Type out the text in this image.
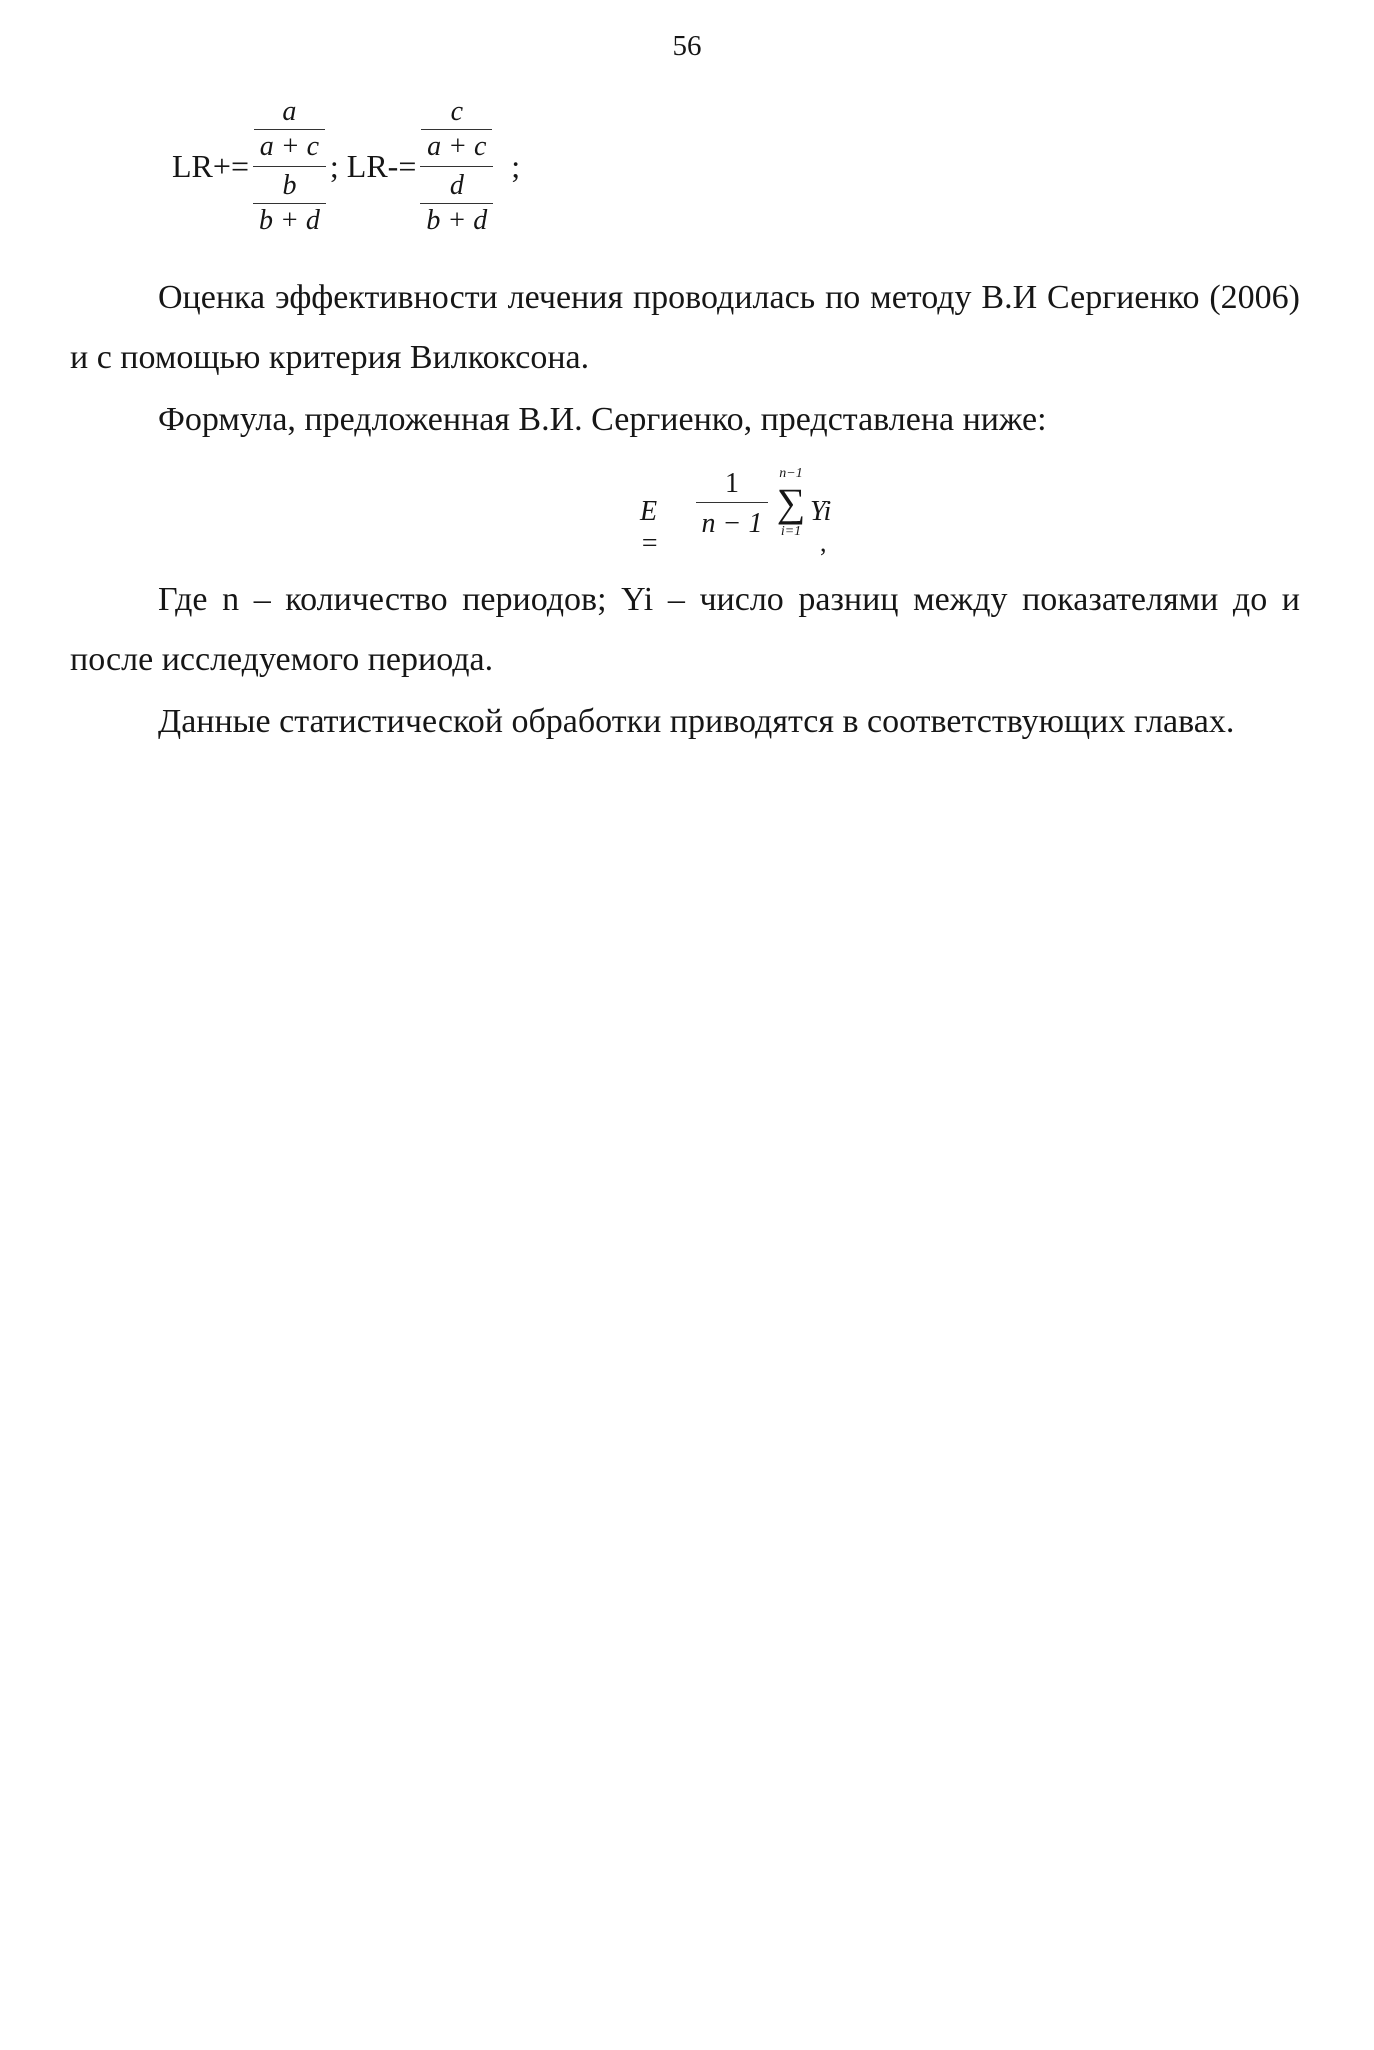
56
$LR+= \frac{\frac{a}{a + c}}{\frac{b}{b + d}}$ ; $LR-= \frac{\frac{c}{a + c}}{\frac{d}{b + d}}$ ;
Оценка эффективности лечения проводилась по методу В.И Сергиенко (2006) и с помощью критерия Вилкоксона.
Формула, предложенная В.И. Сергиенко, представлена ниже:
E =
1
n − 1
n−1
∑
i=1
Yi
,
Где n – количество периодов; Yi – число разниц между показателями до и после исследуемого периода.
Данные статистической обработки приводятся в соответствующих главах.
